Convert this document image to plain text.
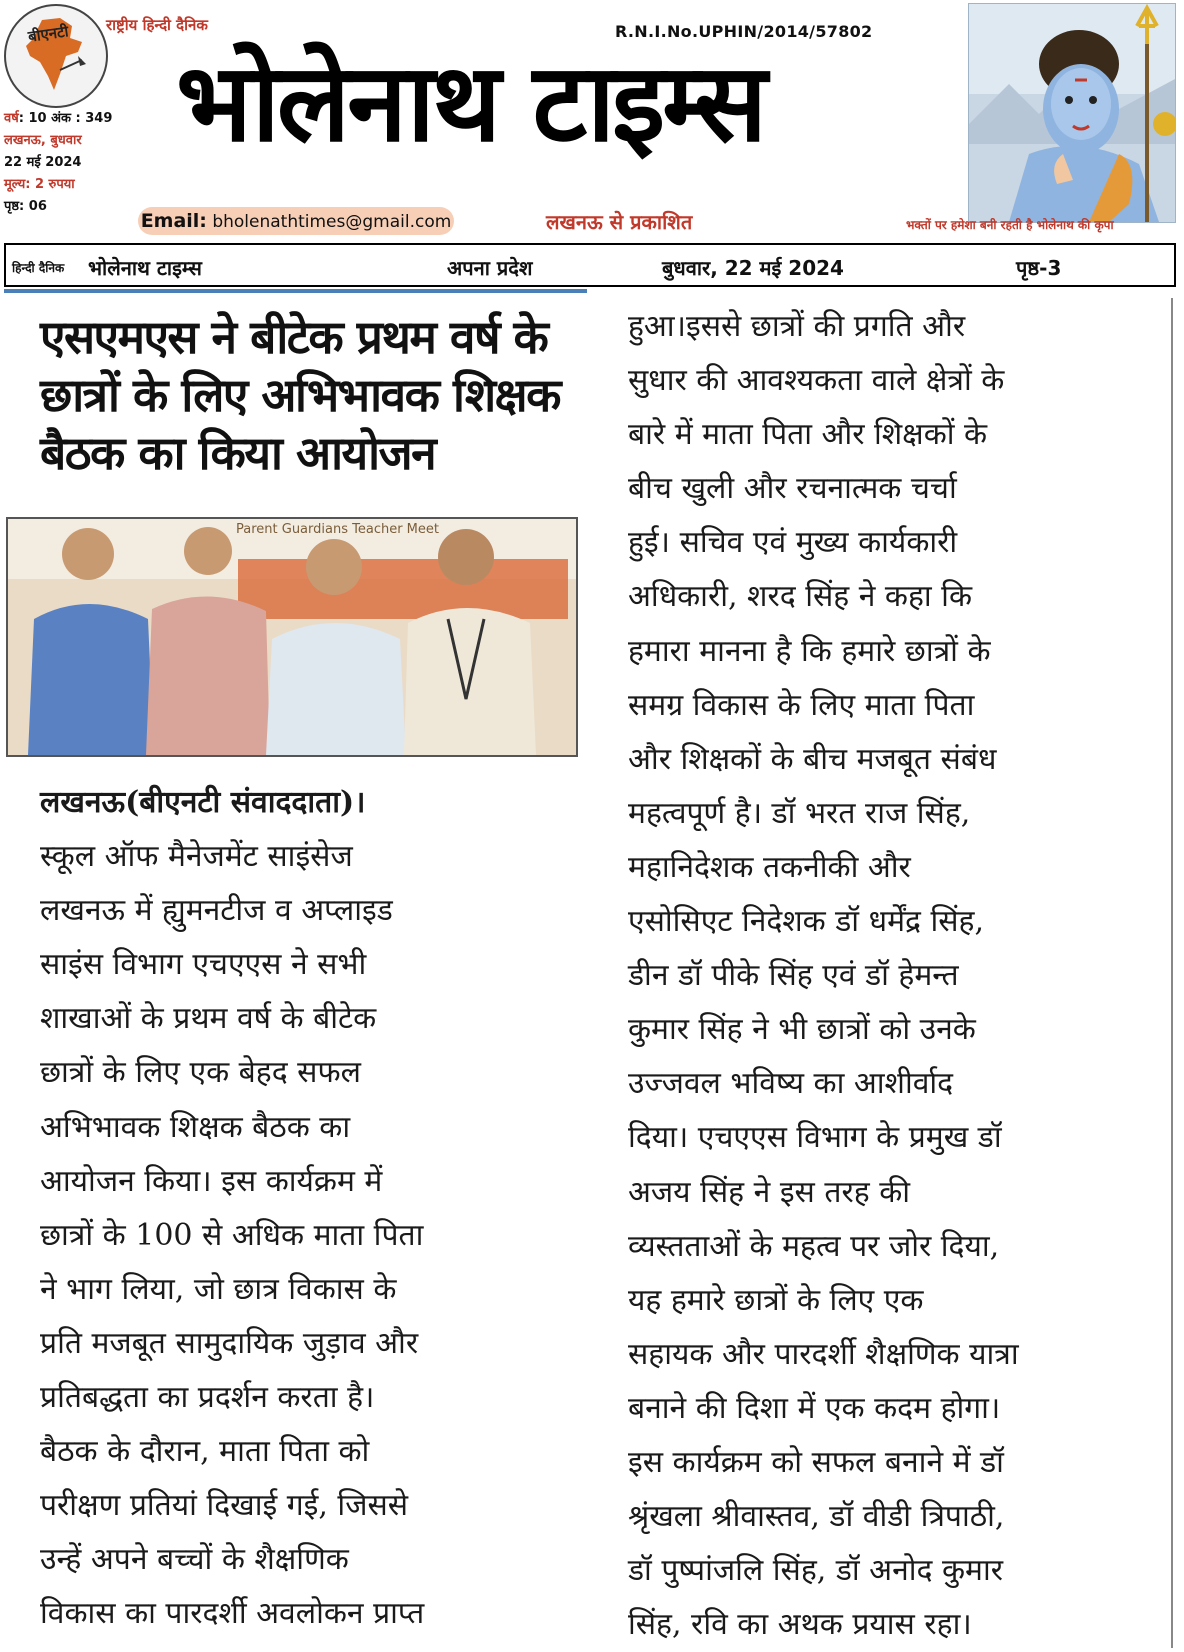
बीएनटी राष्ट्रीय हिन्दी दैनिक
वर्ष: 10 अंक : 349
लखनऊ, बुधवार
22 मई 2024
मूल्य: 2 रुपया
पृष्ठ: 06
R.N.I.No.UPHIN/2014/57802
भोलेनाथ टाइम्स
Email: bholenathtimes@gmail.com	लखनऊ से प्रकाशित	भक्तों पर हमेशा बनी रहती है भोलेनाथ की कृपा
हिन्दी दैनिक भोलेनाथ टाइम्स	अपना प्रदेश	बुधवार, 22 मई 2024	पृष्ठ-3
एसएमएस ने बीटेक प्रथम वर्ष के
छात्रों के लिए अभिभावक शिक्षक
बैठक का किया आयोजन
Parent Guardians Teacher Meet
लखनऊ(बीएनटी संवाददाता)।
स्कूल ऑफ मैनेजमेंट साइंसेज
लखनऊ में ह्युमनटीज व अप्लाइड
साइंस विभाग एचएएस ने सभी
शाखाओं के प्रथम वर्ष के बीटेक
छात्रों के लिए एक बेहद सफल
अभिभावक शिक्षक बैठक का
आयोजन किया। इस कार्यक्रम में
छात्रों के 100 से अधिक माता पिता
ने भाग लिया, जो छात्र विकास के
प्रति मजबूत सामुदायिक जुड़ाव और
प्रतिबद्धता का प्रदर्शन करता है।
बैठक के दौरान, माता पिता को
परीक्षण प्रतियां दिखाई गई, जिससे
उन्हें अपने बच्चों के शैक्षणिक
विकास का पारदर्शी अवलोकन प्राप्त
हुआ।इससे छात्रों की प्रगति और
सुधार की आवश्यकता वाले क्षेत्रों के
बारे में माता पिता और शिक्षकों के
बीच खुली और रचनात्मक चर्चा
हुई। सचिव एवं मुख्य कार्यकारी
अधिकारी, शरद सिंह ने कहा कि
हमारा मानना है कि हमारे छात्रों के
समग्र विकास के लिए माता पिता
और शिक्षकों के बीच मजबूत संबंध
महत्वपूर्ण है। डॉ भरत राज सिंह,
महानिदेशक तकनीकी और
एसोसिएट निदेशक डॉ धर्मेंद्र सिंह,
डीन डॉ पीके सिंह एवं डॉ हेमन्त
कुमार सिंह ने भी छात्रों को उनके
उज्जवल भविष्य का आशीर्वाद
दिया। एचएएस विभाग के प्रमुख डॉ
अजय सिंह ने इस तरह की
व्यस्तताओं के महत्व पर जोर दिया,
यह हमारे छात्रों के लिए एक
सहायक और पारदर्शी शैक्षणिक यात्रा
बनाने की दिशा में एक कदम होगा।
इस कार्यक्रम को सफल बनाने में डॉ
श्रृंखला श्रीवास्तव, डॉ वीडी त्रिपाठी,
डॉ पुष्पांजलि सिंह, डॉ अनोद कुमार
सिंह, रवि का अथक प्रयास रहा।
